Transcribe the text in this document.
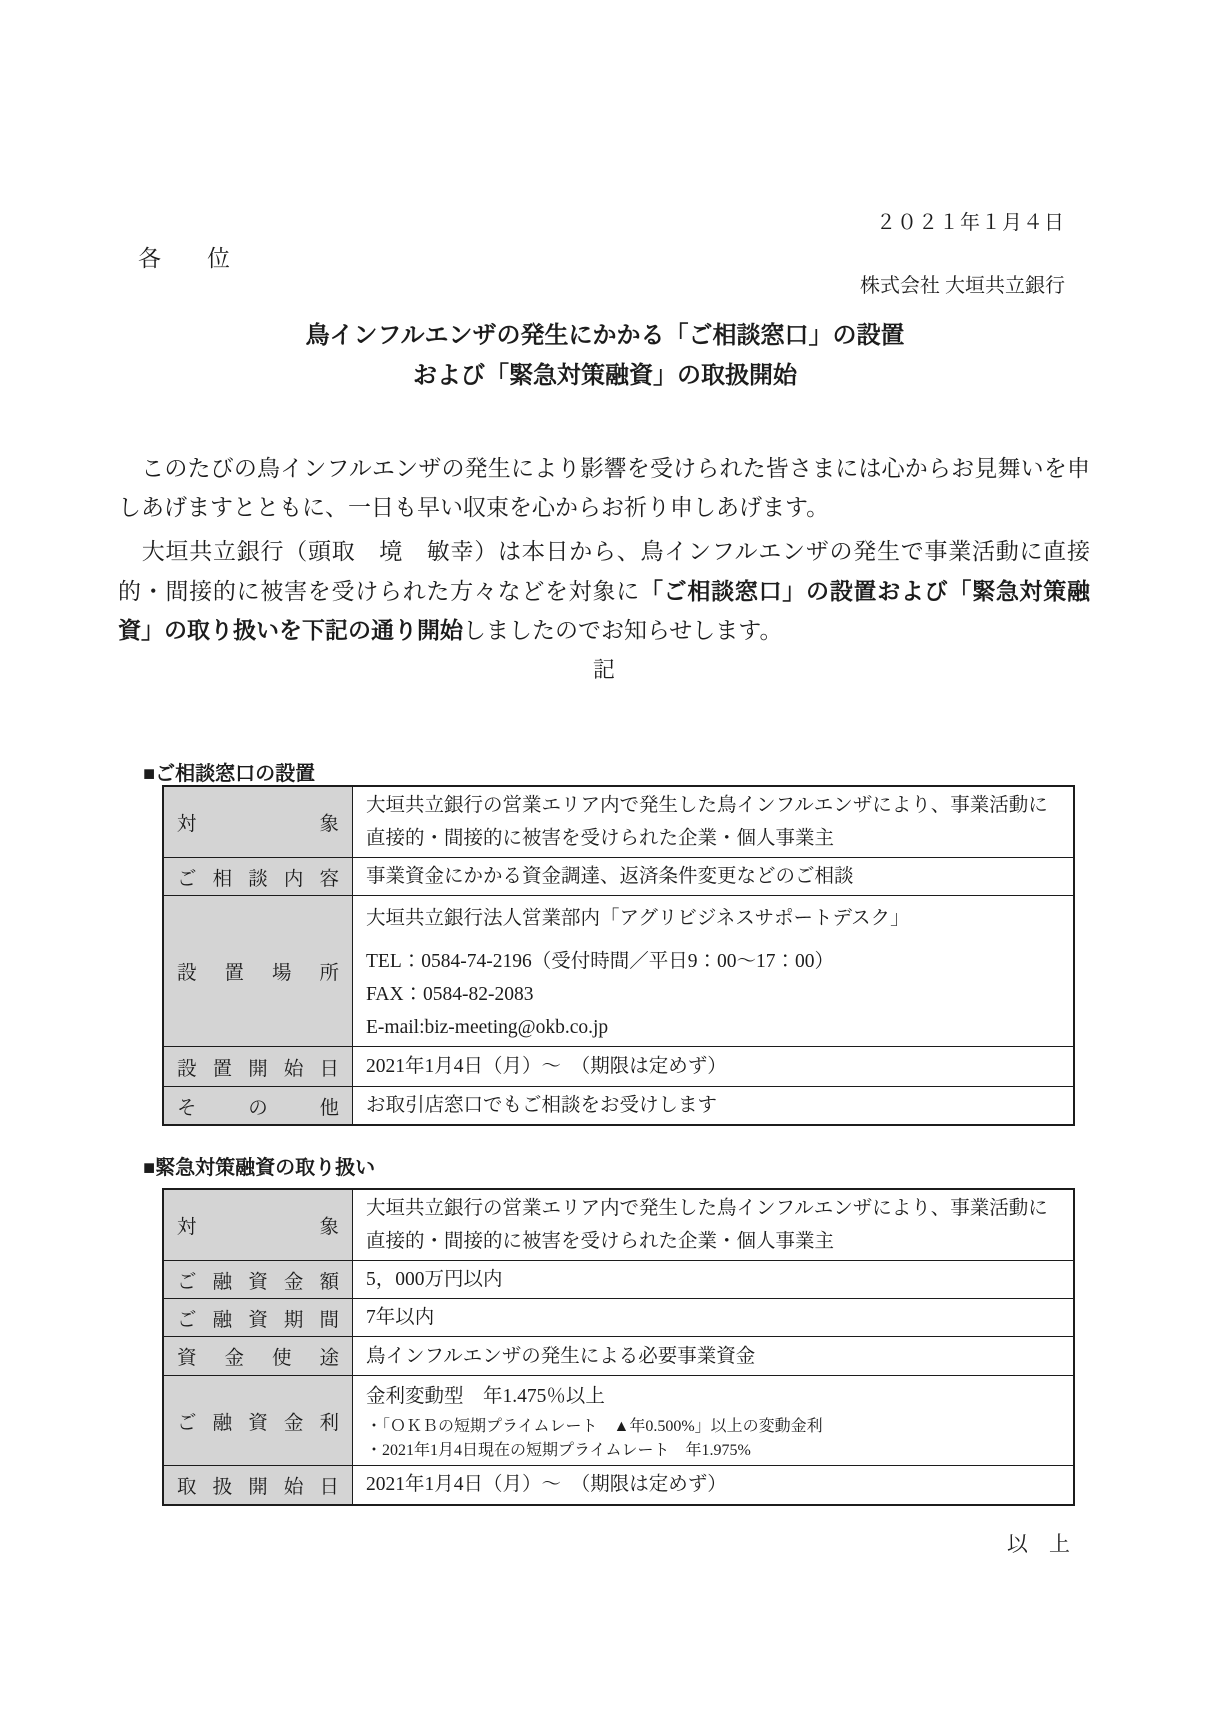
２０２１年１月４日
各　　位
株式会社 大垣共立銀行
鳥インフルエンザの発生にかかる「ご相談窓口」の設置
および「緊急対策融資」の取扱開始

　このたびの鳥インフルエンザの発生により影響を受けられた皆さまには心からお見舞いを申しあげますとともに、一日も早い収束を心からお祈り申しあげます。

　大垣共立銀行（頭取　境　敏幸）は本日から、鳥インフルエンザの発生で事業活動に直接的・間接的に被害を受けられた方々などを対象に「ご相談窓口」の設置および「緊急対策融資」の取り扱いを下記の通り開始しましたのでお知らせします。

記
■ご相談窓口の設置
対象	大垣共立銀行の営業エリア内で発生した鳥インフルエンザにより、事業活動に
直接的・間接的に被害を受けられた企業・個人事業主

ご相談内容	事業資金にかかる資金調達、返済条件変更などのご相談
設置場所	大垣共立銀行法人営業部内「アグリビジネスサポートデスク」
TEL：0584-74-2196（受付時間／平日9：00～17：00）
FAX：0584-82-2083
E-mail:biz-meeting@okb.co.jp

設置開始日	2021年1月4日（月）～　（期限は定めず）
その他	お取引店窓口でもご相談をお受けします
■緊急対策融資の取り扱い
対象	大垣共立銀行の営業エリア内で発生した鳥インフルエンザにより、事業活動に
直接的・間接的に被害を受けられた企業・個人事業主

ご融資金額	5，000万円以内
ご融資期間	7年以内
資金使途	鳥インフルエンザの発生による必要事業資金
ご融資金利	金利変動型　年1.475％以上
・「ＯＫＢの短期プライムレート　▲年0.500%」以上の変動金利
・2021年1月4日現在の短期プライムレート　年1.975%

取扱開始日	2021年1月4日（月）～　（期限は定めず）
以　上
